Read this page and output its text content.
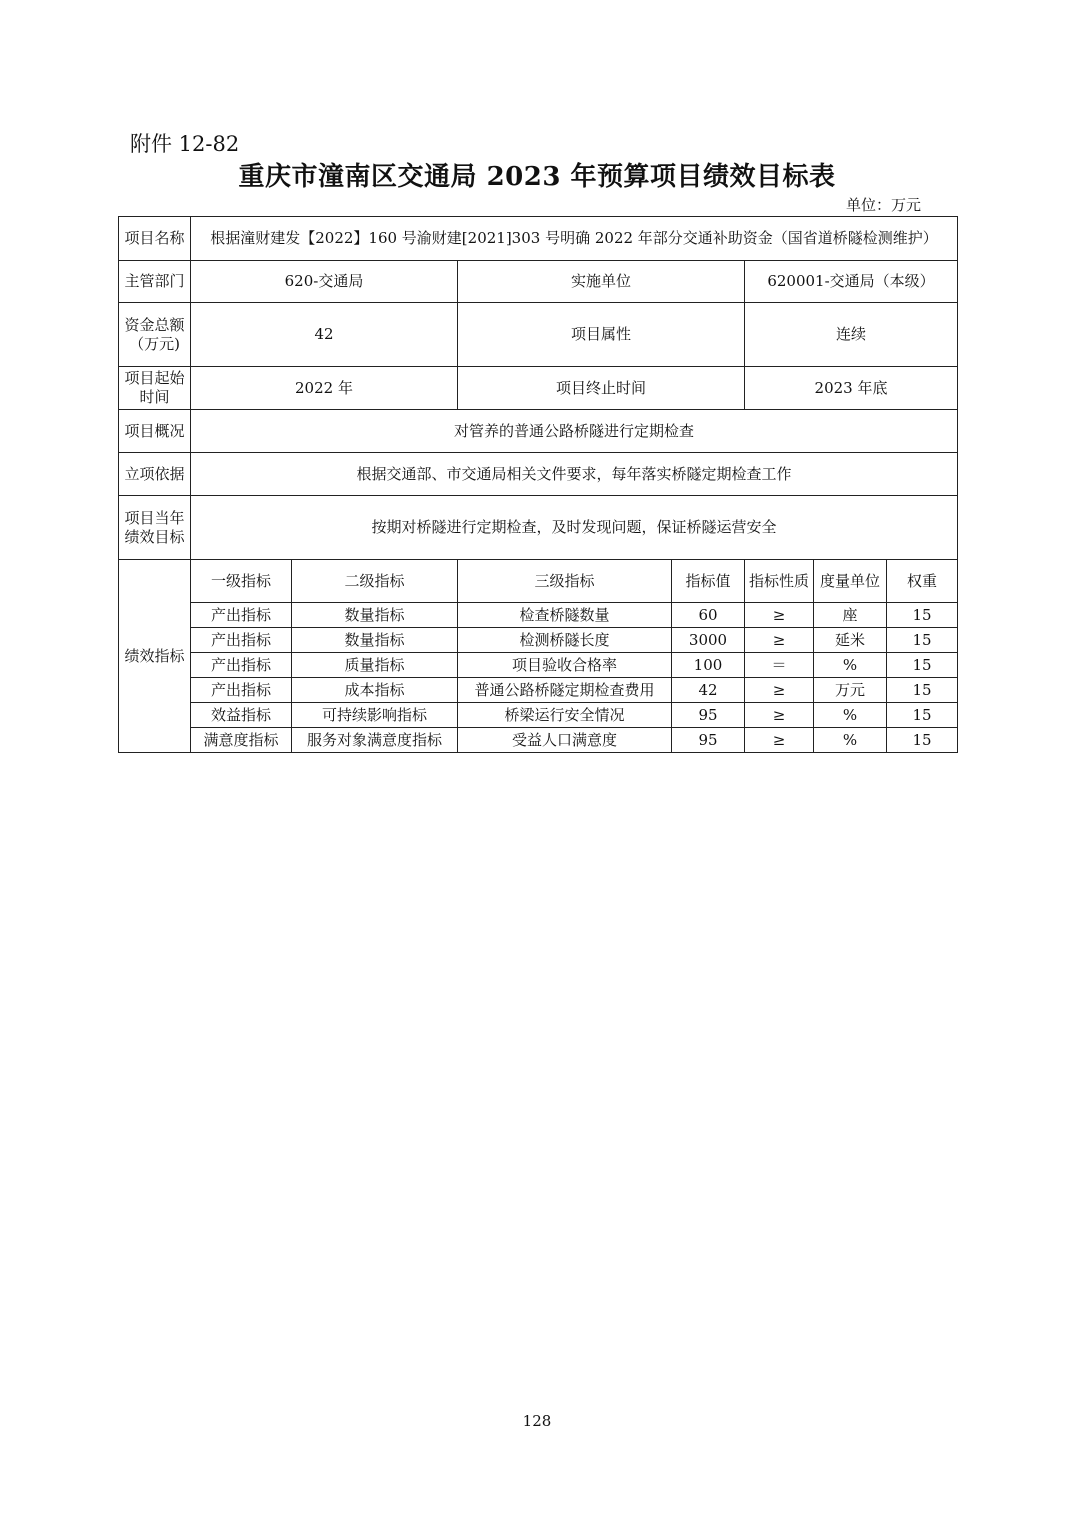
附件 12-82
重庆市潼南区交通局 2023 年预算项目绩效目标表
单位：万元
项目名称	根据潼财建发【2022】160 号渝财建[2021]303 号明确 2022 年部分交通补助资金（国省道桥隧检测维护）						
主管部门	620-交通局		实施单位		620001-交通局（本级）		
资金总额（万元)	42		项目属性		连续		
项目起始时间	2022 年		项目终止时间		2023 年底		
项目概况	对管养的普通公路桥隧进行定期检查						
立项依据	根据交通部、市交通局相关文件要求，每年落实桥隧定期检查工作						
项目当年绩效目标	按期对桥隧进行定期检查，及时发现问题，保证桥隧运营安全						
绩效指标	一级指标	二级指标	三级指标	指标值	指标性质	度量单位	权重
	产出指标	数量指标	检查桥隧数量	60	≥	座	15
	产出指标	数量指标	检测桥隧长度	3000	≥	延米	15
	产出指标	质量指标	项目验收合格率	100	＝	%	15
	产出指标	成本指标	普通公路桥隧定期检查费用	42	≥	万元	15
	效益指标	可持续影响指标	桥梁运行安全情况	95	≥	%	15
	满意度指标	服务对象满意度指标	受益人口满意度	95	≥	%	15
128
